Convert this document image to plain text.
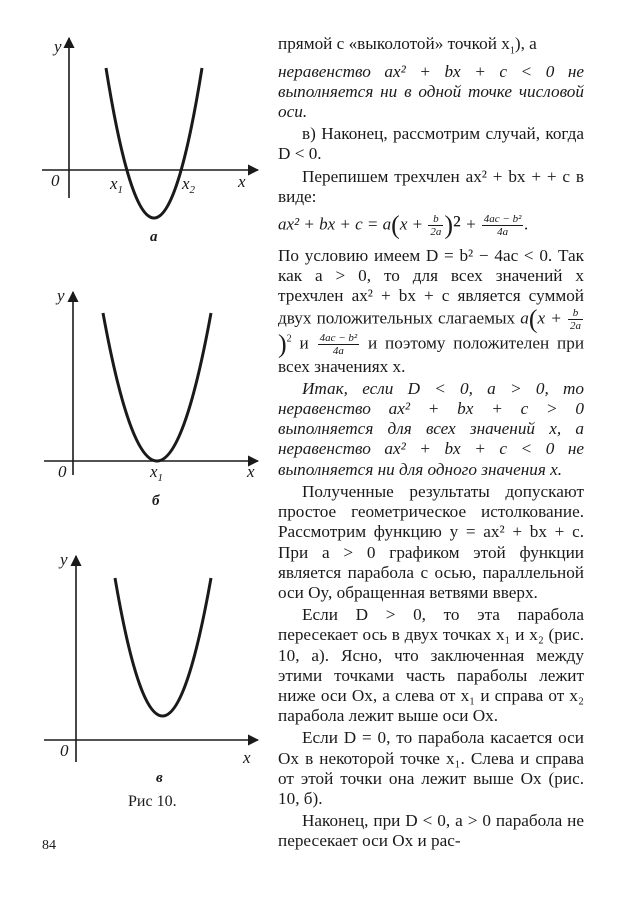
y
0	x
$x_1$	$x_2$
а
y
0	x
$x_1$
б
y
0	x
в
Рис 10.
84

прямой с «выколотой» точкой $x_1$), а

неравенство ax² + bx + c < 0 не выполняется ни в одной точке числовой оси.

в) Наконец, рассмотрим случай, когда D < 0.

Перепишем трехчлен ax² + bx + + c в виде:

ax² + bx + $c = a(x + \frac{b}{2a} )^2 + \frac{\text{4ac − b²}}{4a}$ .

По условию имеем D = b² − 4ac < 0. Так как a > 0, то для всех значений x трехчлен ax² + bx + c является суммой двух положительных слагаемых $a(x + \frac{b}{2a}$
)$^2$ и $\frac{\text{4ac − b²}}{4a}$ и поэтому положителен при всех значениях x.

Итак, если D < 0, a > 0, то неравенство ax² + bx + c > 0 выполняется для всех значений x, а неравенство ax² + bx + c < 0 не выполняется ни для одного значения x.

Полученные результаты допускают простое геометрическое истолкование. Рассмотрим функцию y = ax² + bx + c. При a > 0 графиком этой функции является парабола с осью, параллельной оси Oy, обращенная ветвями вверх.

Если D > 0, то эта парабола пересекает ось в двух точках x₁ и x₂ (рис. 10, а). Ясно, что заключенная между этими точками часть параболы лежит ниже оси Ox, а слева от x₁ и справа от x₂ парабола лежит выше оси Ox.

Если D = 0, то парабола касается оси Ox в некоторой точке x₁. Слева и справа от этой точки она лежит выше Ox (рис. 10, б).

Наконец, при D < 0, a > 0 парабола не пересекает оси Ox и рас-
